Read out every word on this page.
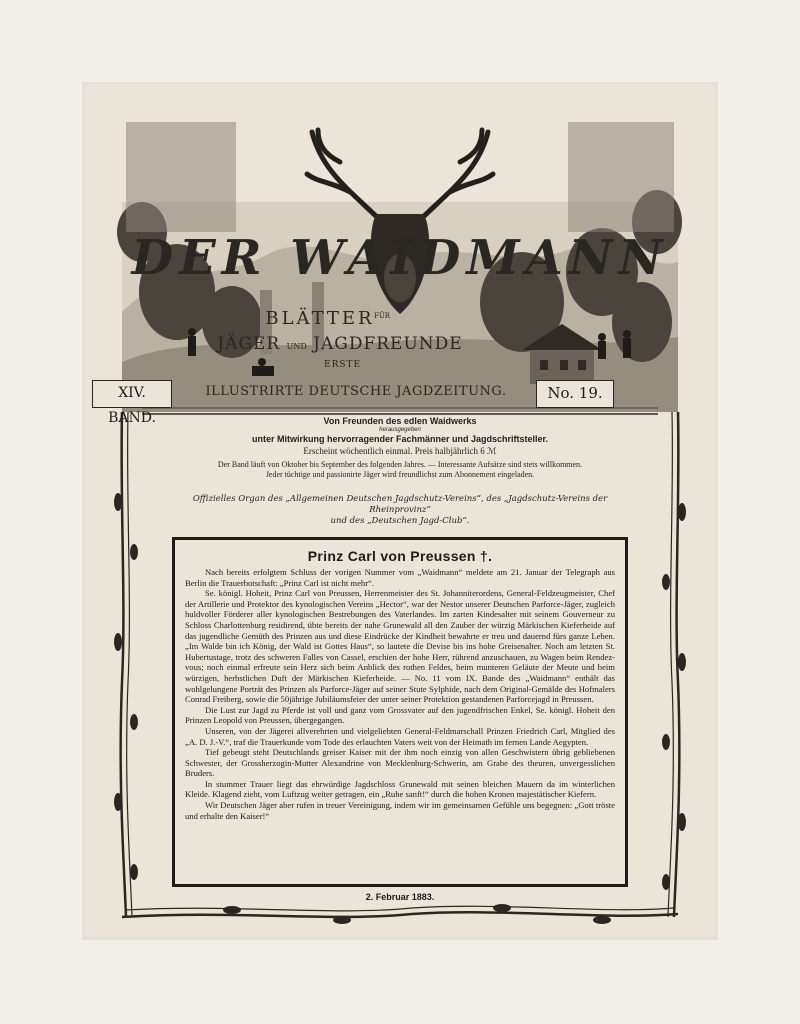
DER WAIDMANN
BLÄTTER FÜR
JÄGER UND JAGDFREUNDE
ERSTE
XIV. BAND.
ILLUSTRIRTE DEUTSCHE JAGDZEITUNG.	No. 19.
Von Freunden des edlen Waidwerks
herausgegeben
unter Mitwirkung hervorragender Fachmänner und Jagdschriftsteller.
Erscheint wöchentlich einmal. Preis halbjährlich 6 ℳ
Der Band läuft von Oktober bis September des folgenden Jahres. — Interessante Aufsätze sind stets willkommen.
Jeder tüchtige und passionirte Jäger wird freundlichst zum Abonnement eingeladen.
Offizielles Organ des „Allgemeinen Deutschen Jagdschutz-Vereins“, des „Jagdschutz-Vereins der Rheinprovinz“
und des „Deutschen Jagd-Club“.
Prinz Carl von Preussen †.

Nach bereits erfolgtem Schluss der vorigen Nummer vom „Waidmann“ meldete am 21. Januar der Telegraph aus Berlin die Trauerbotschaft: „Prinz Carl ist nicht mehr“.

Se. königl. Hoheit, Prinz Carl von Preussen, Herrenmeister des St. Johanniterordens, General-Feldzeugmeister, Chef der Artillerie und Protektor des kynologischen Vereins „Hector“, war der Nestor unserer Deutschen Parforce-Jäger, zugleich huldvoller Förderer aller kynologischen Bestrebungen des Vaterlandes. Im zarten Kindesalter mit seinem Gouverneur zu Schloss Charlottenburg residirend, übte bereits der nahe Grunewald all den Zauber der würzig Märkischen Kieferheide auf das jugendliche Gemüth des Prinzen aus und diese Eindrücke der Kindheit bewahrte er treu und dauernd fürs ganze Leben. „Im Walde bin ich König, der Wald ist Gottes Haus“, so lautete die Devise bis ins hohe Greisenalter. Noch am letzten St. Hubertustage, trotz des schweren Falles von Cassel, erschien der hohe Herr, rührend anzuschauen, zu Wagen beim Rendez-vous; noch einmal erfreute sein Herz sich beim Anblick des rothen Feldes, beim munteren Geläute der Meute und beim würzigen, herbstlichen Duft der Märkischen Kieferheide. — No. 11 vom IX. Bande des „Waidmann“ enthält das wohlgelungene Porträt des Prinzen als Parforce-Jäger auf seiner Stute Sylphide, nach dem Original-Gemälde des Hofmalers Conrad Freiberg, sowie die 50jährige Jubiläumsfeier der unter seiner Protektion gestandenen Parforcejagd in Preussen.

Die Lust zur Jagd zu Pferde ist voll und ganz vom Grossvater auf den jugendfrischen Enkel, Se. königl. Hoheit den Prinzen Leopold von Preussen, übergegangen.

Unseren, von der Jägerei allverehrten und vielgeliebten General-Feldmarschall Prinzen Friedrich Carl, Mitglied des „A. D. J.-V.“, traf die Trauerkunde vom Tode des erlauchten Vaters weit von der Heimath im fernen Lande Aegypten.

Tief gebeugt steht Deutschlands greiser Kaiser mit der ihm noch einzig von allen Geschwistern übrig gebliebenen Schwester, der Grossherzogin-Mutter Alexandrine von Mecklenburg-Schwerin, am Grabe des theuren, unvergesslichen Bruders.

In stummer Trauer liegt das ehrwürdige Jagdschloss Grunewald mit seinen bleichen Mauern da im winterlichen Kleide. Klagend zieht, vom Luftzug weiter getragen, ein „Ruhe sanft!“ durch die hohen Kronen majestätischer Kiefern.

Wir Deutschen Jäger aber rufen in treuer Vereinigung, indem wir im gemeinsamen Gefühle uns begegnen: „Gott tröste und erhalte den Kaiser!“

2. Februar 1883.
